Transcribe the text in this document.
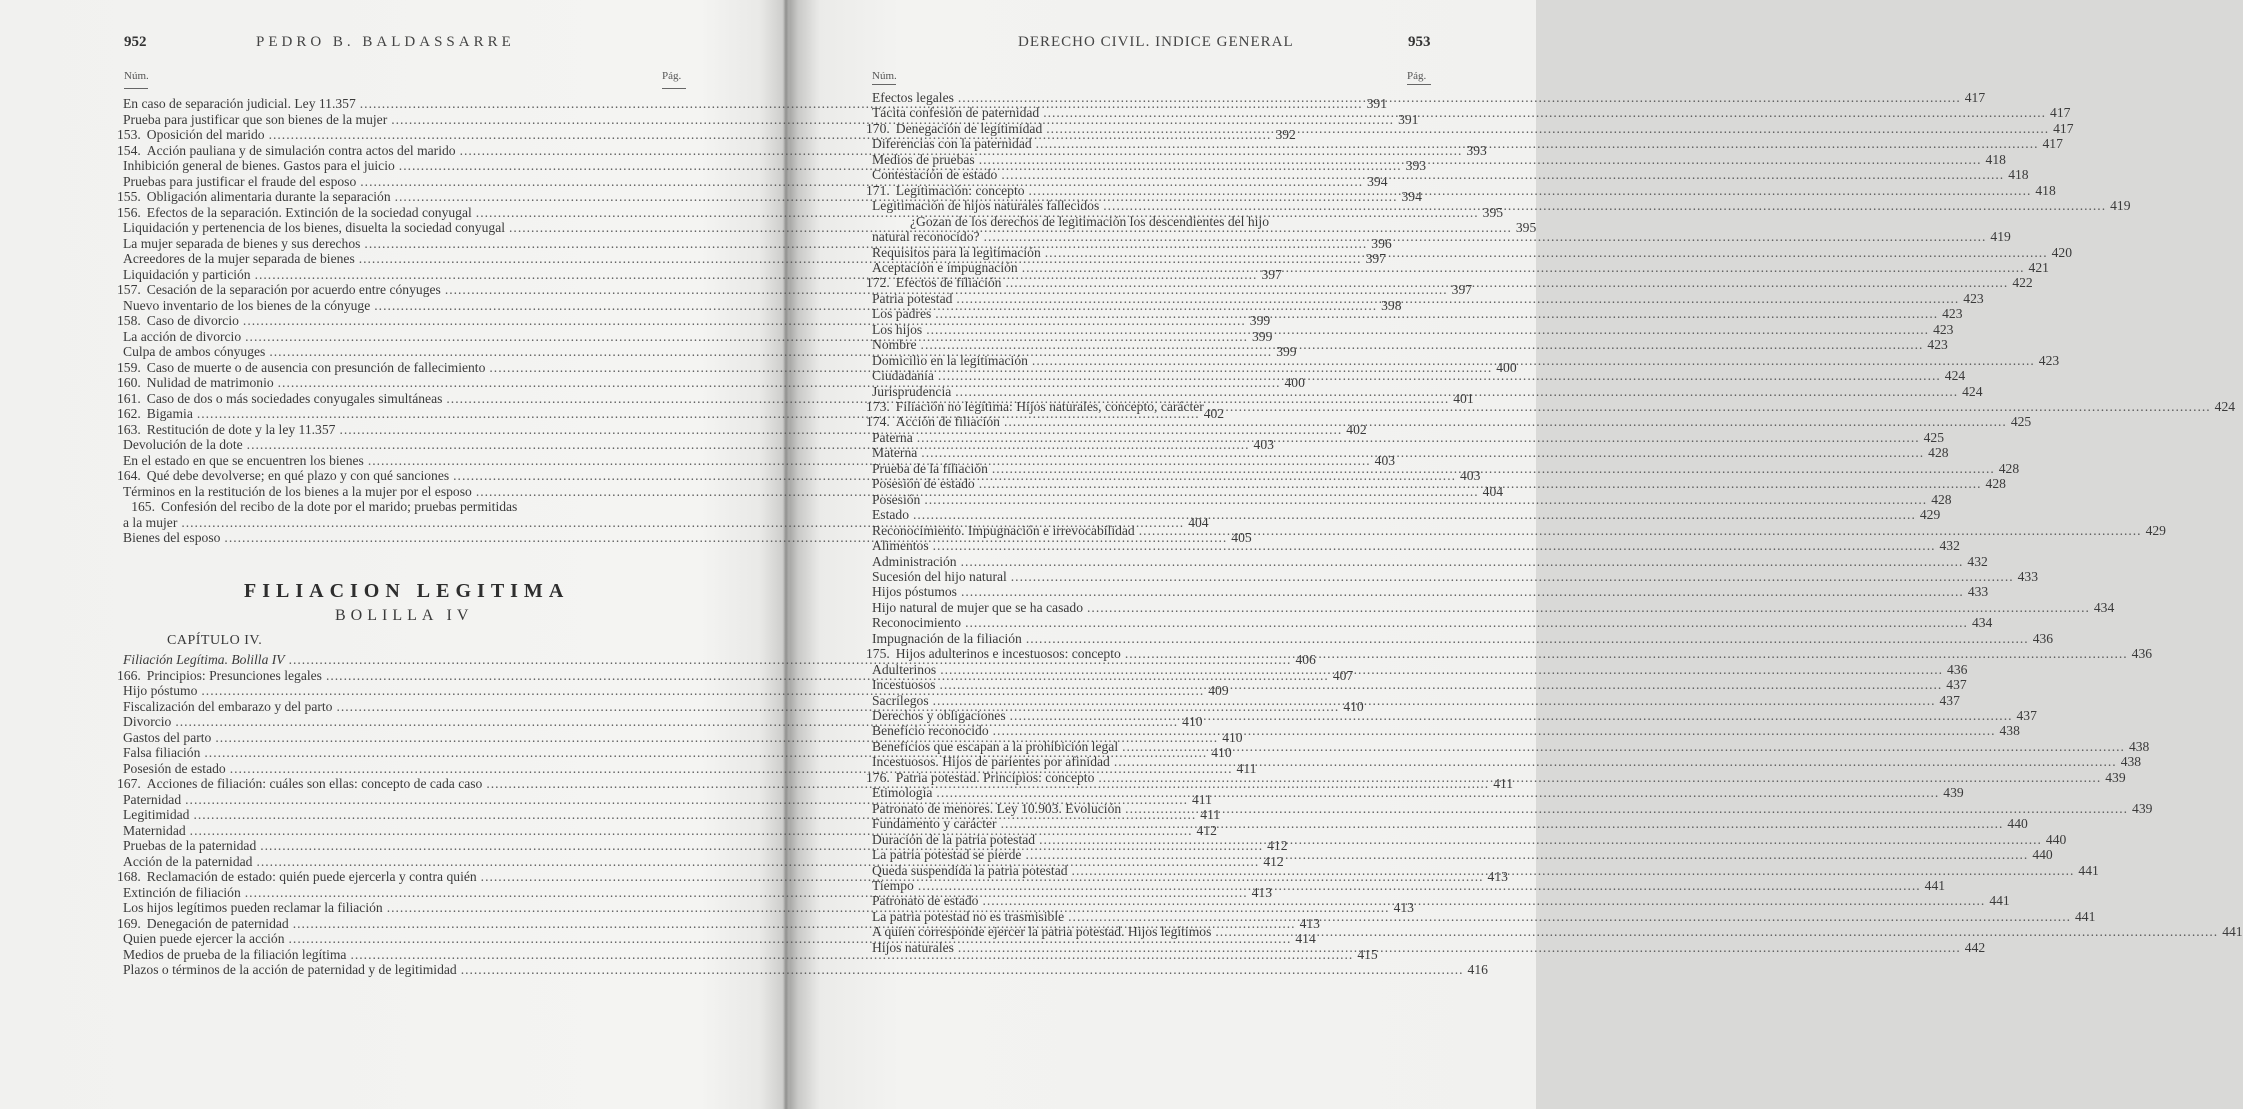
952	PEDRO B. BALDASSARRE
Núm.	Pág.
En caso de separación judicial. Ley 11.357 .....	391
Prueba para justificar que son bienes de la mujer .....	391
153. Oposición del marido .....	392
154. Acción pauliana y de simulación contra actos del marido .....	393
Inhibición general de bienes. Gastos para el juicio .....	393
Pruebas para justificar el fraude del esposo .....	394
155. Obligación alimentaria durante la separación .....	394
156. Efectos de la separación. Extinción de la sociedad conyugal .....	395
Liquidación y pertenencia de los bienes, disuelta la sociedad conyugal .....	395
La mujer separada de bienes y sus derechos .....	396
Acreedores de la mujer separada de bienes .....	397
Liquidación y partición .....	397
157. Cesación de la separación por acuerdo entre cónyuges .....	397
Nuevo inventario de los bienes de la cónyuge .....	398
158. Caso de divorcio .....	399
La acción de divorcio .....	399
Culpa de ambos cónyuges .....	399
159. Caso de muerte o de ausencia con presunción de fallecimiento .....	400
160. Nulidad de matrimonio .....	400
161. Caso de dos o más sociedades conyugales simultáneas .....	401
162. Bigamia .....	402
163. Restitución de dote y la ley 11.357 .....	402
Devolución de la dote .....	403
En el estado en que se encuentren los bienes .....	403
164. Qué debe devolverse; en qué plazo y con qué sanciones .....	403
Términos en la restitución de los bienes a la mujer por el esposo .....	404
165. Confesión del recibo de la dote por el marido; pruebas permitidas
a la mujer .....	404
Bienes del esposo .....	405
FILIACION LEGITIMA
BOLILLA IV
CAPÍTULO IV.
Filiación Legítima. Bolilla IV .....	406
166. Principios: Presunciones legales .....	407
Hijo póstumo .....	409
Fiscalización del embarazo y del parto .....	410
Divorcio .....	410
Gastos del parto .....	410
Falsa filiación .....	410
Posesión de estado .....	411
167. Acciones de filiación: cuáles son ellas: concepto de cada caso .....	411
Paternidad .....	411
Legitimidad .....	411
Maternidad .....	412
Pruebas de la paternidad .....	412
Acción de la paternidad .....	412
168. Reclamación de estado: quién puede ejercerla y contra quién .....	413
Extinción de filiación .....	413
Los hijos legítimos pueden reclamar la filiación .....	413
169. Denegación de paternidad .....	413
Quien puede ejercer la acción .....	414
Medios de prueba de la filiación legítima .....	415
Plazos o términos de la acción de paternidad y de legitimidad .....	416
DERECHO CIVIL. INDICE GENERAL	953
Núm.	Pág.
Efectos legales .....	417
Tácita confesión de paternidad .....	417
170. Denegación de legitimidad .....	417
Diferencias con la paternidad .....	417
Medios de pruebas .....	418
Contestación de estado .....	418
171. Legitimación: concepto .....	418
Legitimación de hijos naturales fallecidos .....	419
¿Gozan de los derechos de legitimación los descendientes del hijo
natural reconocido? .....	419
Requisitos para la legitimación .....	420
Aceptación e impugnación .....	421
172. Efectos de filiación .....	422
Patria potestad .....	423
Los padres .....	423
Los hijos .....	423
Nombre .....	423
Domicilio en la legitimación .....	423
Ciudadanía .....	424
Jurisprudencia .....	424
173. Filiación no legítima: Hijos naturales, concepto, carácter .....	424
174. Acción de filiación .....	425
Paterna .....	425
Materna .....	428
Prueba de la filiación .....	428
Posesión de estado .....	428
Posesión .....	428
Estado .....	429
Reconocimiento. Impugnación e irrevocabilidad .....	429
Alimentos .....	432
Administración .....	432
Sucesión del hijo natural .....	433
Hijos póstumos .....	433
Hijo natural de mujer que se ha casado .....	434
Reconocimiento .....	434
Impugnación de la filiación .....	436
175. Hijos adulterinos e incestuosos: concepto .....	436
Adulterinos .....	436
Incestuosos .....	437
Sacrílegos .....	437
Derechos y obligaciones .....	437
Beneficio reconocido .....	438
Beneficios que escapan a la prohibición legal .....	438
Incestuosos. Hijos de parientes por afinidad .....	438
176. Patria potestad. Principios: concepto .....	439
Etimología .....	439
Patronato de menores. Ley 10.903. Evolución .....	439
Fundamento y carácter .....	440
Duración de la patria potestad .....	440
La patria potestad se pierde .....	440
Queda suspendida la patria potestad .....	441
Tiempo .....	441
Patronato de estado .....	441
La patria potestad no es trasmisible .....	441
A quien corresponde ejercer la patria potestad. Hijos legítimos .....	441
Hijos naturales .....	442
